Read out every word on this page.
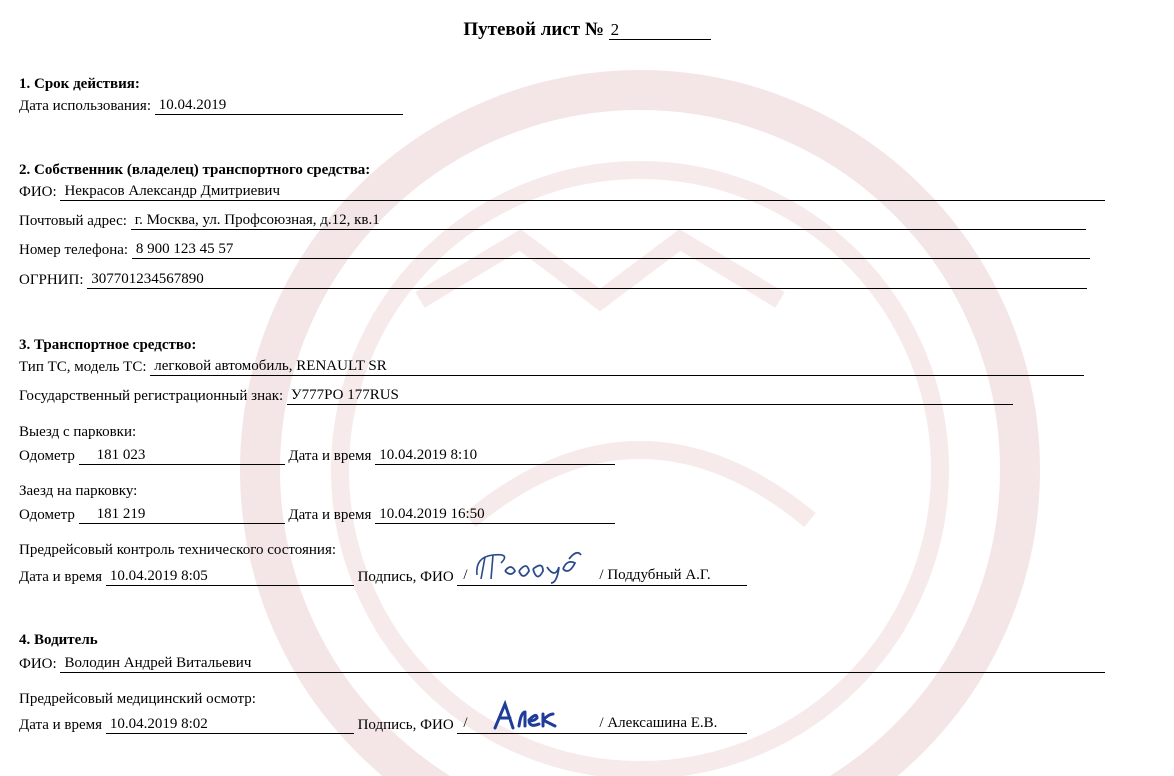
Путевой лист № 2
1. Срок действия:
Дата использования: 10.04.2019
2. Собственник (владелец) транспортного средства:
ФИО: Некрасов Александр Дмитриевич
Почтовый адрес: г. Москва, ул. Профсоюзная, д.12, кв.1
Номер телефона: 8 900 123 45 57
ОГРНИП: 307701234567890
3. Транспортное средство:
Тип ТС, модель ТС: легковой автомобиль, RENAULT SR
Государственный регистрационный знак: У777РО 177RUS
Выезд с парковки:
Одометр 181 023	Дата и время 10.04.2019 8:10
Заезд на парковку:
Одометр 181 219	Дата и время 10.04.2019 16:50
Предрейсовый контроль технического состояния:
Дата и время 10.04.2019 8:05	Подпись, ФИО /	/ Поддубный А.Г.
4. Водитель
ФИО: Володин Андрей Витальевич
Предрейсовый медицинский осмотр:
Дата и время 10.04.2019 8:02	Подпись, ФИО /	/ Алексашина Е.В.
